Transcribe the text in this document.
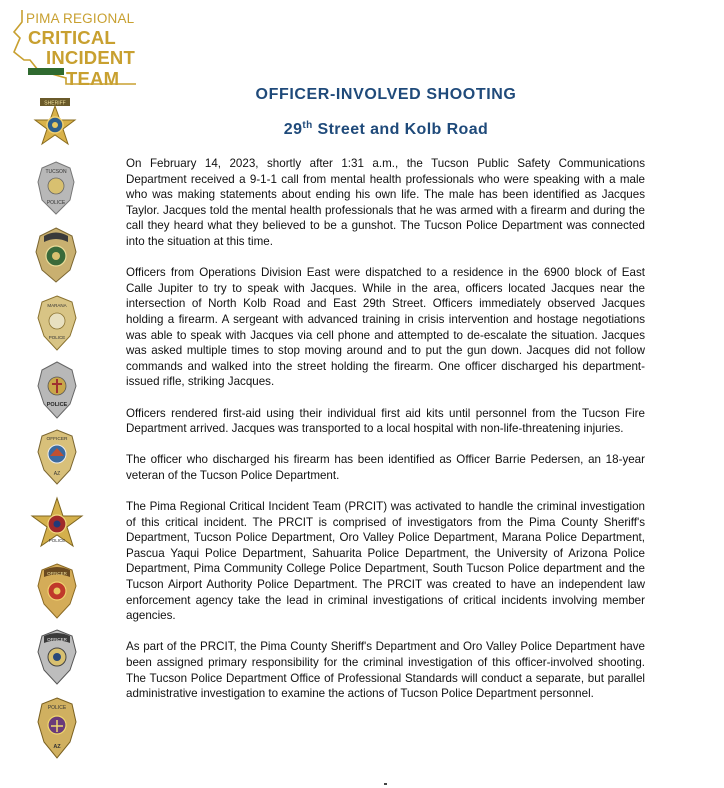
PIMA REGIONAL
CRITICAL
INCIDENT
TEAM
SHERIFF
TUCSON
POLICE
MARANA
POLICE
POLICE
OFFICER
AZ
POLICE
OFFICER
OFFICER
POLICE
AZ
OFFICER-INVOLVED SHOOTING
29th Street and Kolb Road

On February 14, 2023, shortly after 1:31 a.m., the Tucson Public Safety Communications Department received a 9-1-1 call from mental health professionals who were speaking with a male who was making statements about ending his own life. The male has been identified as Jacques Taylor. Jacques told the mental health professionals that he was armed with a firearm and during the call they heard what they believed to be a gunshot. The Tucson Police Department was connected into the situation at this time.

Officers from Operations Division East were dispatched to a residence in the 6900 block of East Calle Jupiter to try to speak with Jacques. While in the area, officers located Jacques near the intersection of North Kolb Road and East 29th Street. Officers immediately observed Jacques holding a firearm. A sergeant with advanced training in crisis intervention and hostage negotiations was able to speak with Jacques via cell phone and attempted to de-escalate the situation. Jacques was asked multiple times to stop moving around and to put the gun down. Jacques did not follow commands and walked into the street holding the firearm. One officer discharged his department-issued rifle, striking Jacques.

Officers rendered first-aid using their individual first aid kits until personnel from the Tucson Fire Department arrived. Jacques was transported to a local hospital with non-life-threatening injuries.

The officer who discharged his firearm has been identified as Officer Barrie Pedersen, an 18-year veteran of the Tucson Police Department.

The Pima Regional Critical Incident Team (PRCIT) was activated to handle the criminal investigation of this critical incident. The PRCIT is comprised of investigators from the Pima County Sheriff's Department, Tucson Police Department, Oro Valley Police Department, Marana Police Department, Pascua Yaqui Police Department, Sahuarita Police Department, the University of Arizona Police Department, Pima Community College Police Department, South Tucson Police department and the Tucson Airport Authority Police Department. The PRCIT was created to have an independent law enforcement agency take the lead in criminal investigations of critical incidents involving member agencies.

As part of the PRCIT, the Pima County Sheriff's Department and Oro Valley Police Department have been assigned primary responsibility for the criminal investigation of this officer-involved shooting. The Tucson Police Department Office of Professional Standards will conduct a separate, but parallel administrative investigation to examine the actions of Tucson Police Department personnel.
